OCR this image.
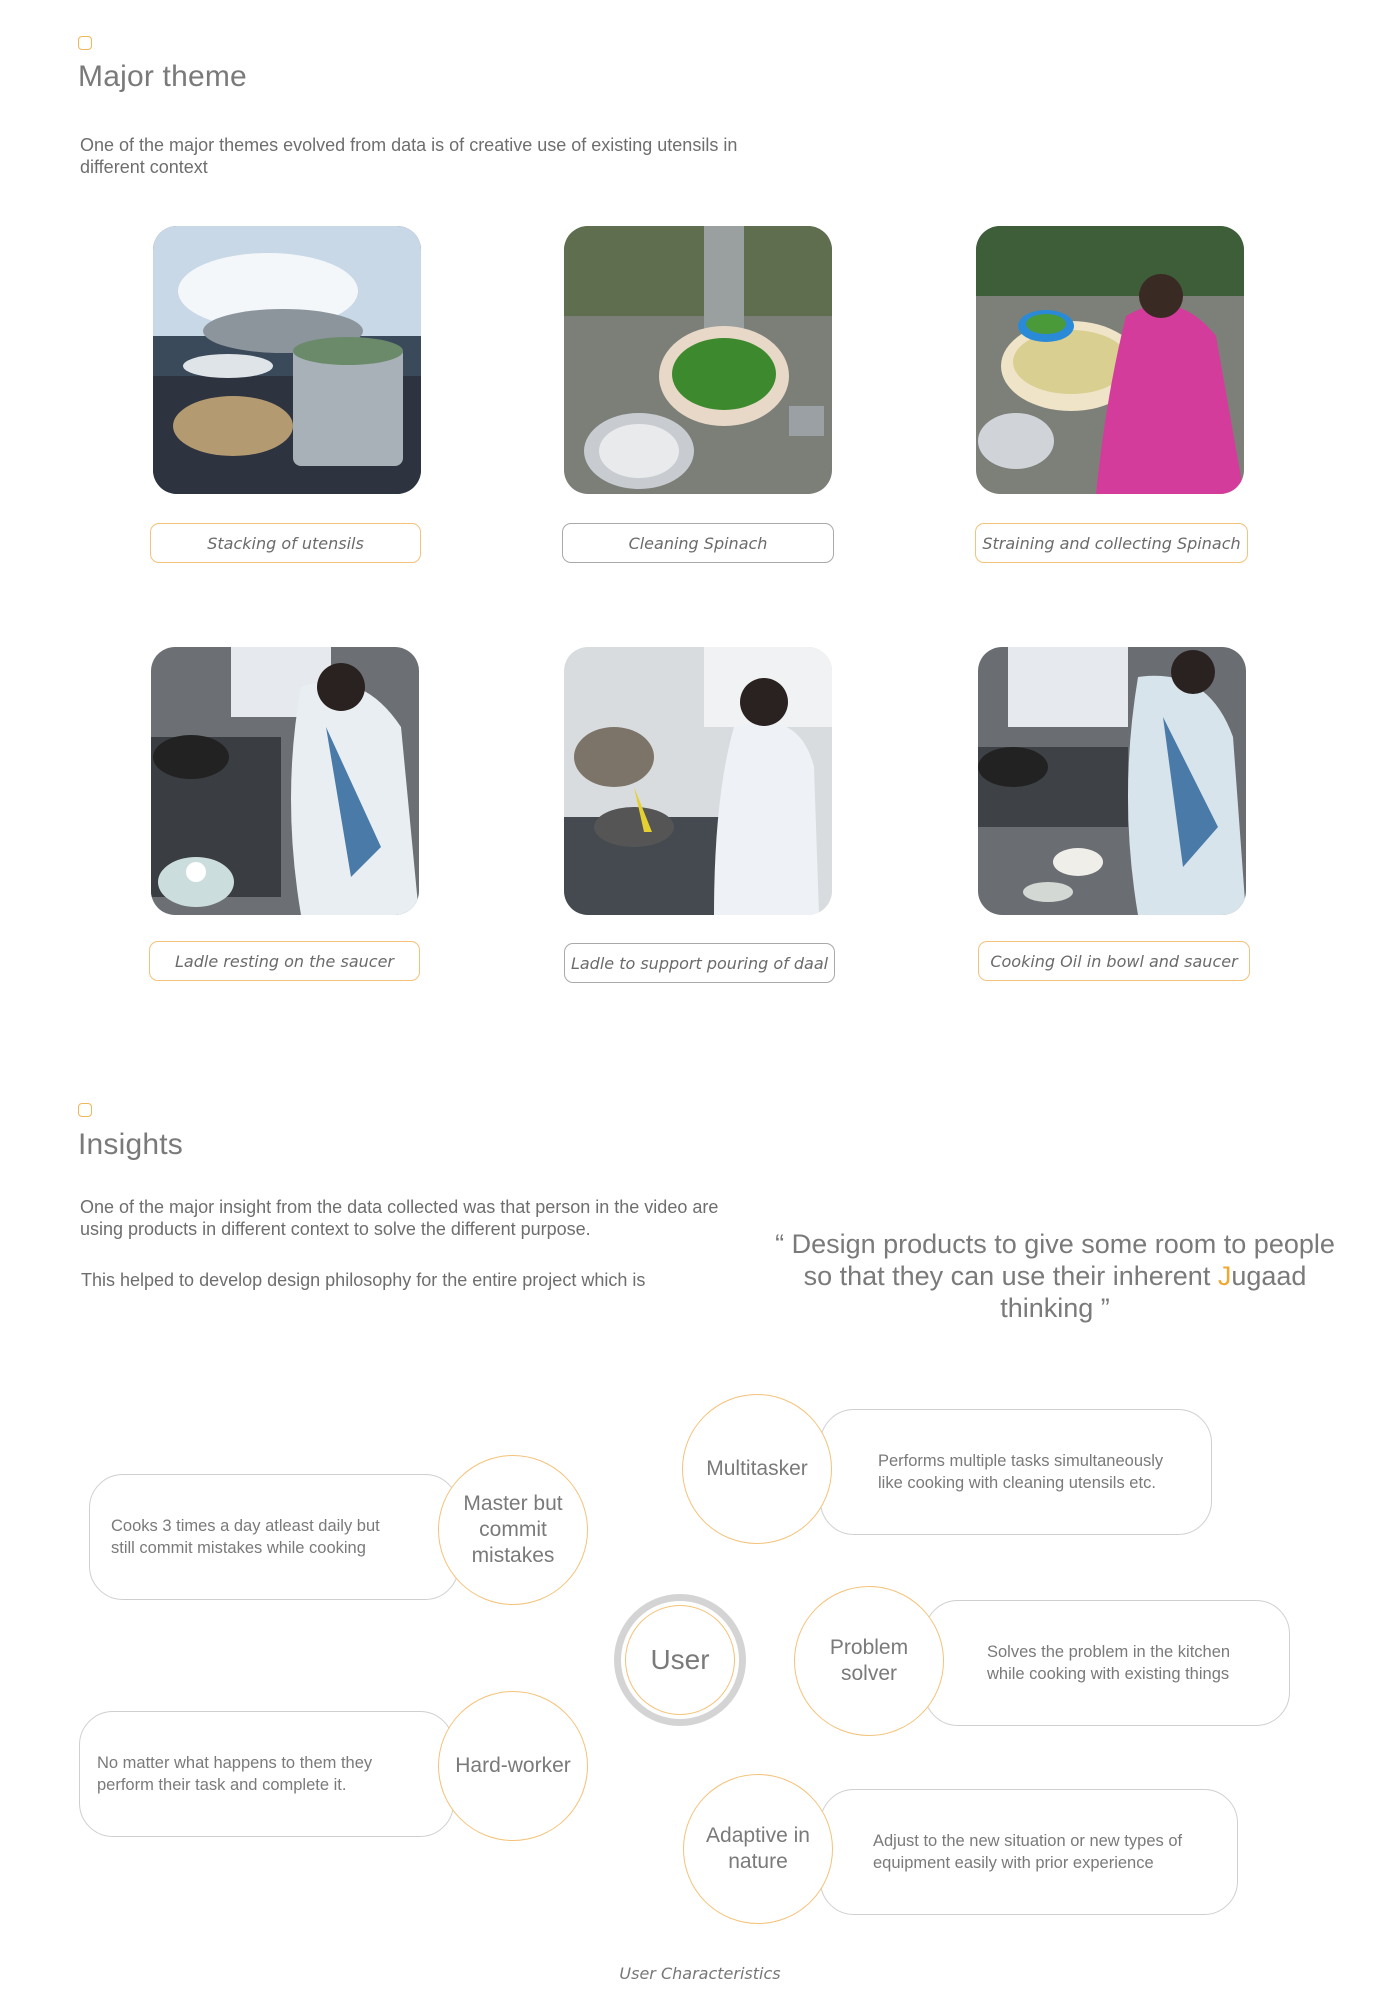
Major theme
One of the major themes evolved from data is of creative use of existing utensils in different context
Stacking of utensils	Cleaning Spinach	Straining and collecting Spinach
Ladle resting on the saucer	Ladle to support pouring of daal	Cooking Oil in bowl and saucer
Insights
One of the major insight from the data collected was that person in the video are using products in different context to solve the different purpose.
This helped to develop design philosophy for the entire project which is
“ Design products to give some room to people so that they can use their inherent Jugaad thinking ”
Cooks 3 times a day atleast daily but still commit mistakes while cooking
Master but commit mistakes
No matter what happens to them they perform their task and complete it.
Hard-worker
Performs multiple tasks simultaneously like cooking with cleaning utensils etc.
Multitasker
Solves the problem in the kitchen while cooking with existing things
Problem solver
Adjust to the new situation or new types of equipment easily with prior experience
Adaptive in nature
User
User Characteristics
